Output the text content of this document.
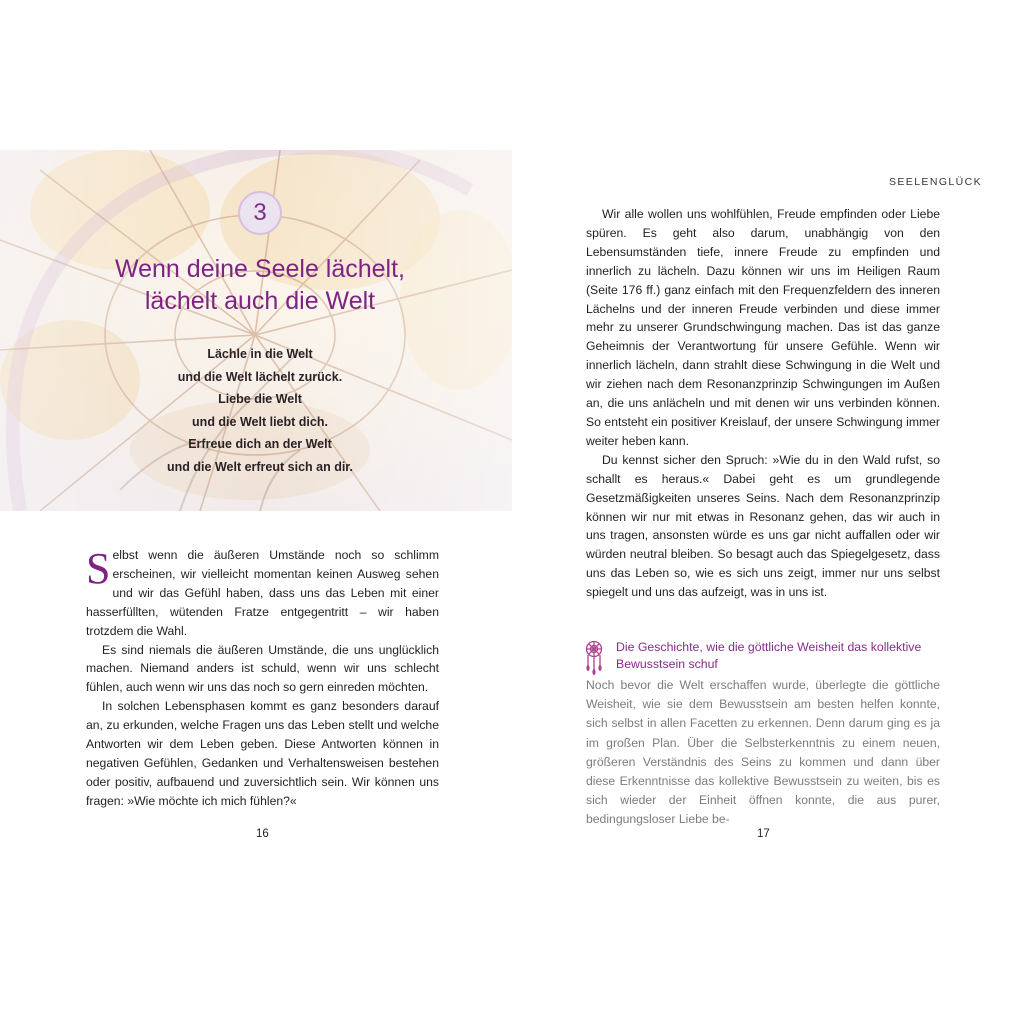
3
Wenn deine Seele lächelt,
lächelt auch die Welt
Lächle in die Welt
und die Welt lächelt zurück.
Liebe die Welt
und die Welt liebt dich.
Erfreue dich an der Welt
und die Welt erfreut sich an dir.

Selbst wenn die äußeren Umstände noch so schlimm erscheinen, wir vielleicht momentan keinen Ausweg sehen und wir das Gefühl haben, dass uns das Leben mit einer hasserfüllten, wütenden Fratze entgegentritt – wir haben trotzdem die Wahl.

Es sind niemals die äußeren Umstände, die uns unglücklich machen. Niemand anders ist schuld, wenn wir uns schlecht fühlen, auch wenn wir uns das noch so gern einreden möchten.

In solchen Lebensphasen kommt es ganz besonders darauf an, zu erkunden, welche Fragen uns das Leben stellt und welche Antworten wir dem Leben geben. Diese Antworten können in negativen Gefühlen, Gedanken und Verhaltensweisen bestehen oder positiv, aufbauend und zuversichtlich sein. Wir können uns fragen: »Wie möchte ich mich fühlen?«

16
SEELENGLÜCK

Wir alle wollen uns wohlfühlen, Freude empfinden oder Liebe spüren. Es geht also darum, unabhängig von den Lebensumständen tiefe, innere Freude zu empfinden und innerlich zu lächeln. Dazu können wir uns im Heiligen Raum (Seite 176 ff.) ganz einfach mit den Frequenzfeldern des inneren Lächelns und der inneren Freude verbinden und diese immer mehr zu unserer Grundschwingung machen. Das ist das ganze Geheimnis der Verantwortung für unsere Gefühle. Wenn wir innerlich lächeln, dann strahlt diese Schwingung in die Welt und wir ziehen nach dem Resonanzprinzip Schwingungen im Außen an, die uns anlächeln und mit denen wir uns verbinden können. So entsteht ein positiver Kreislauf, der unsere Schwingung immer weiter heben kann.

Du kennst sicher den Spruch: »Wie du in den Wald rufst, so schallt es heraus.« Dabei geht es um grundlegende Gesetzmäßigkeiten unseres Seins. Nach dem Resonanzprinzip können wir nur mit etwas in Resonanz gehen, das wir auch in uns tragen, ansonsten würde es uns gar nicht auffallen oder wir würden neutral bleiben. So besagt auch das Spiegelgesetz, dass uns das Leben so, wie es sich uns zeigt, immer nur uns selbst spiegelt und uns das aufzeigt, was in uns ist.

Die Geschichte, wie die göttliche Weisheit das kollektive Bewusstsein schuf

Noch bevor die Welt erschaffen wurde, überlegte die göttliche Weisheit, wie sie dem Bewusstsein am besten helfen konnte, sich selbst in allen Facetten zu erkennen. Denn darum ging es ja im großen Plan. Über die Selbsterkenntnis zu einem neuen, größeren Verständnis des Seins zu kommen und dann über diese Erkenntnisse das kollektive Bewusstsein zu weiten, bis es sich wieder der Einheit öffnen konnte, die aus purer, bedingungsloser Liebe be-

17
